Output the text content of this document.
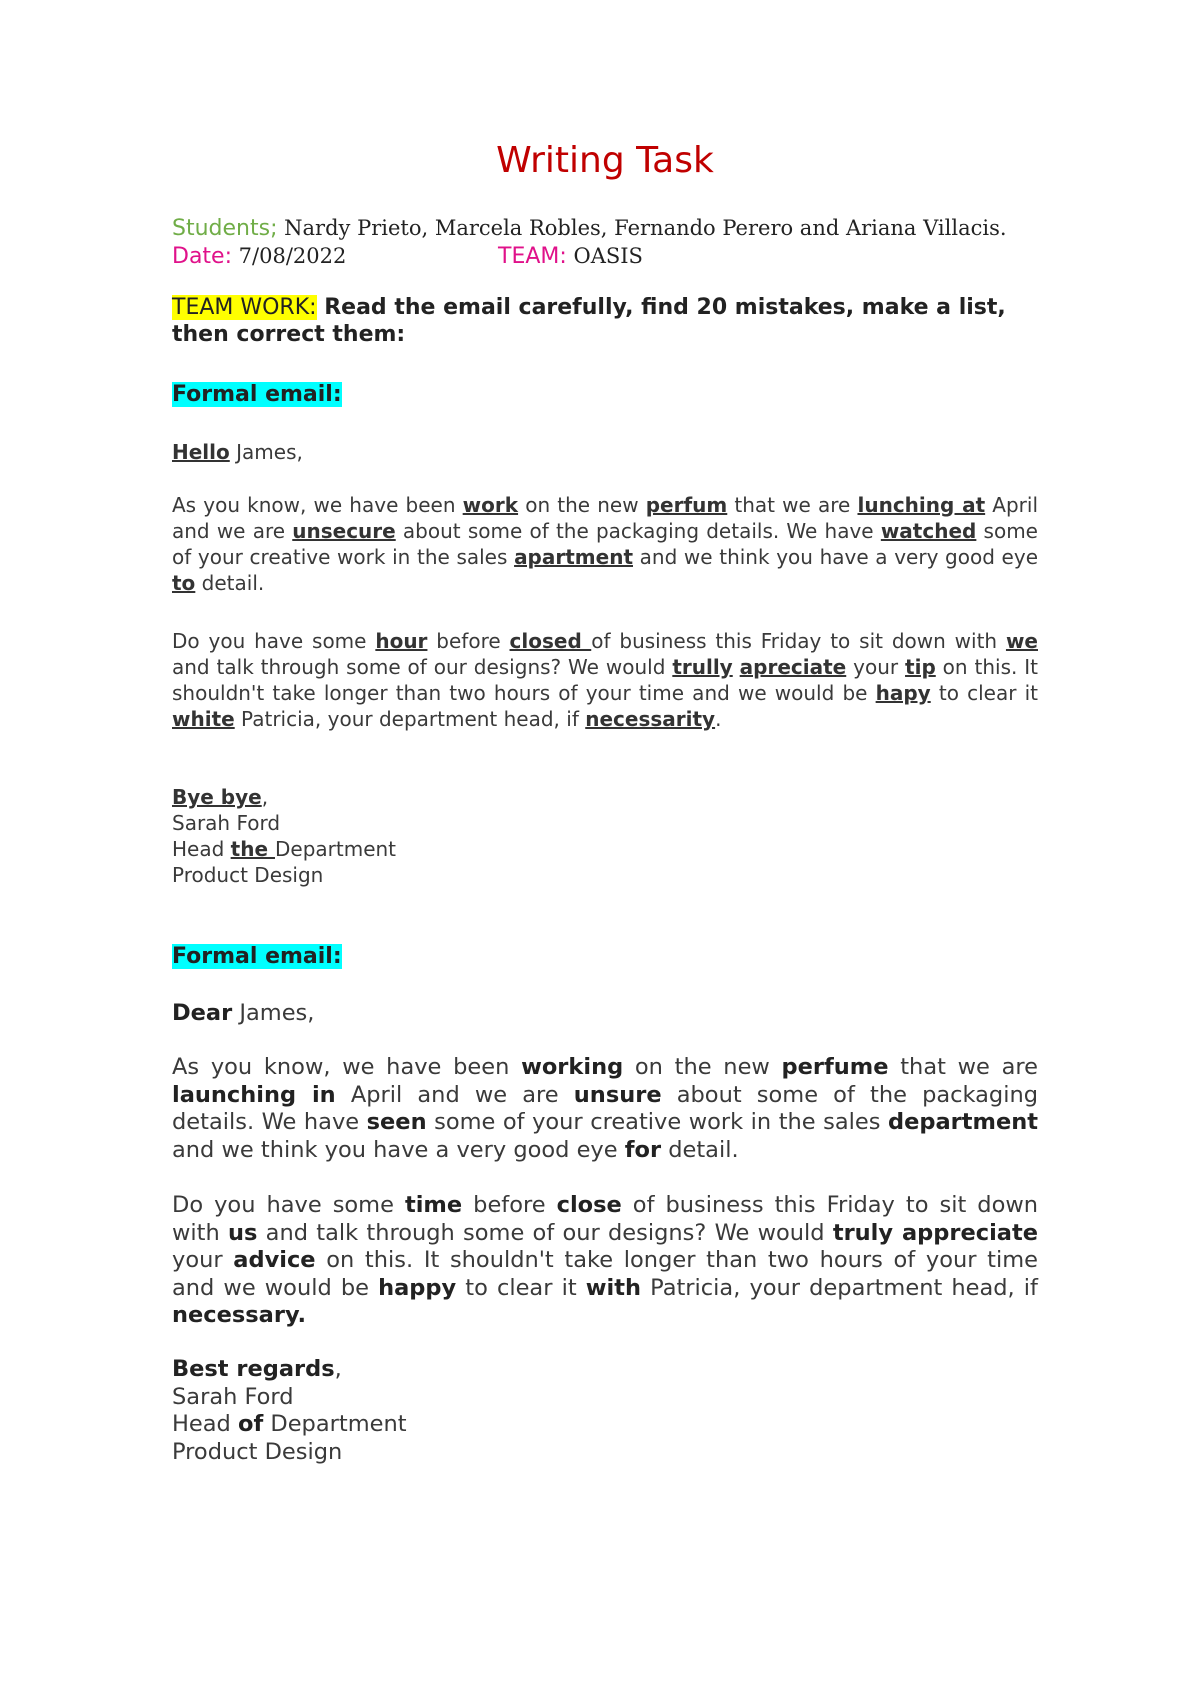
Writing Task
Students; Nardy Prieto, Marcela Robles, Fernando Perero and Ariana Villacis.
Date: 7/08/2022	TEAM: OASIS
TEAM WORK: Read the email carefully, find 20 mistakes, make a list, then correct them:
Formal email:
Hello James,
As you know, we have been work on the new perfum that we are lunching at April and we are unsecure about some of the packaging details. We have watched some of your creative work in the sales apartment and we think you have a very good eye to detail.
Do you have some hour before closed of business this Friday to sit down with we and talk through some of our designs? We would trully apreciate your tip on this. It shouldn't take longer than two hours of your time and we would be hapy to clear it white Patricia, your department head, if necessarity.
Bye bye,
Sarah Ford
Head the Department
Product Design
Formal email:
Dear James,
As you know, we have been working on the new perfume that we are launching in April and we are unsure about some of the packaging details. We have seen some of your creative work in the sales department and we think you have a very good eye for detail.
Do you have some time before close of business this Friday to sit down with us and talk through some of our designs? We would truly appreciate your advice on this. It shouldn't take longer than two hours of your time and we would be happy to clear it with Patricia, your department head, if necessary.
Best regards,
Sarah Ford
Head of Department
Product Design
